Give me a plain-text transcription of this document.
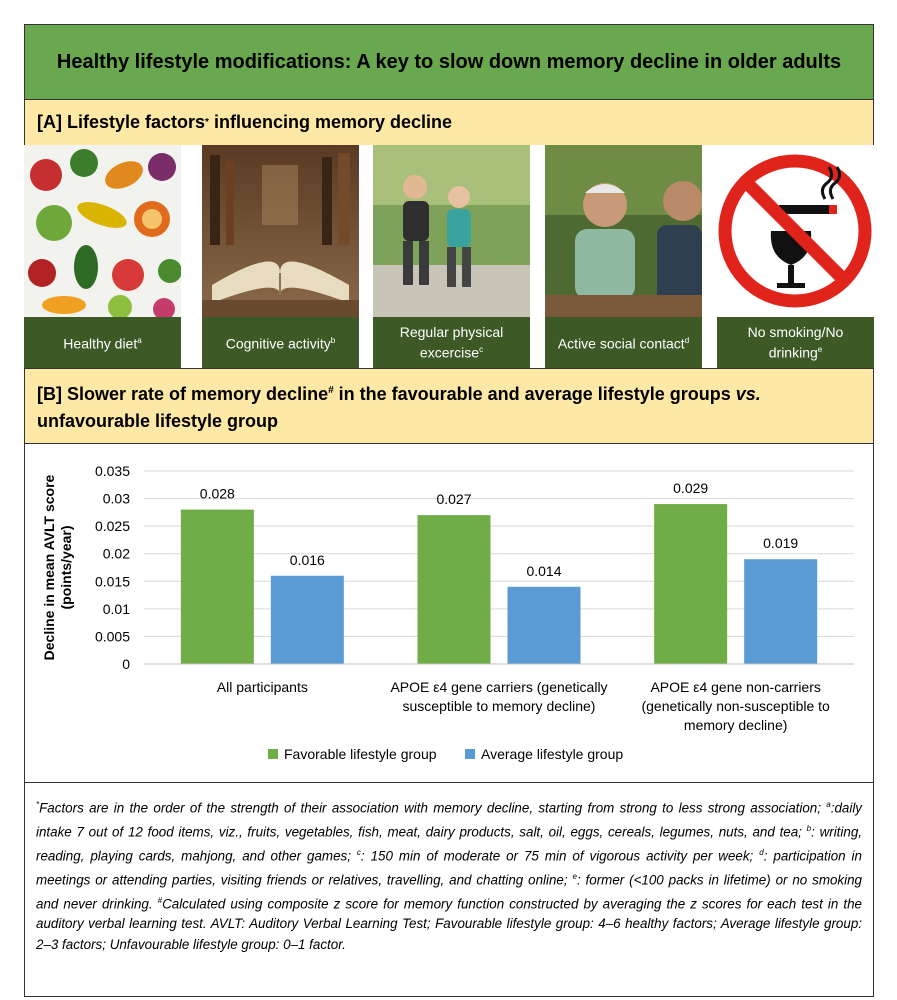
Healthy lifestyle modifications: A key to slow down memory decline in older adults
[A] Lifestyle factors * influencing memory decline
Healthy diet$^a$	Cognitive activity$^b$
Regular physical excercise$^c$	Active social contact$^d$
No smoking/No drinking$^e$
[B] Slower rate of memory decline# in the favourable and average lifestyle groups vs. unfavourable lifestyle group
0
0.005
0.01
0.015
0.02
0.025
0.03
0.035
Decline in mean AVLT score(points/year)
0.028
0.016
All participants
0.027
0.014
APOE ε4 gene carriers (genetically susceptible to memory decline)
0.029
0.019
APOE ε4 gene non-carriers (genetically non-susceptible to memory decline)
Favorable lifestyle group	Average lifestyle group
*Factors are in the order of the strength of their association with memory decline, starting from strong to less strong association; $^a$:daily intake 7 out of 12 food items, viz., fruits, vegetables, fish, meat, dairy products, salt, oil, eggs, cereals, legumes, nuts, and tea; $^b$: writing, reading, playing cards, mahjong, and other games; $^c$: 150 min of moderate or 75 min of vigorous activity per week; $^d$: participation in meetings or attending parties, visiting friends or relatives, travelling, and chatting online; $^e$: former (<100 packs in lifetime) or no smoking and never drinking. #Calculated using composite z score for memory function constructed by averaging the z scores for each test in the auditory verbal learning test. AVLT: Auditory Verbal Learning Test; Favourable lifestyle group: 4–6 healthy factors; Average lifestyle group: 2–3 factors; Unfavourable lifestyle group: 0–1 factor.
